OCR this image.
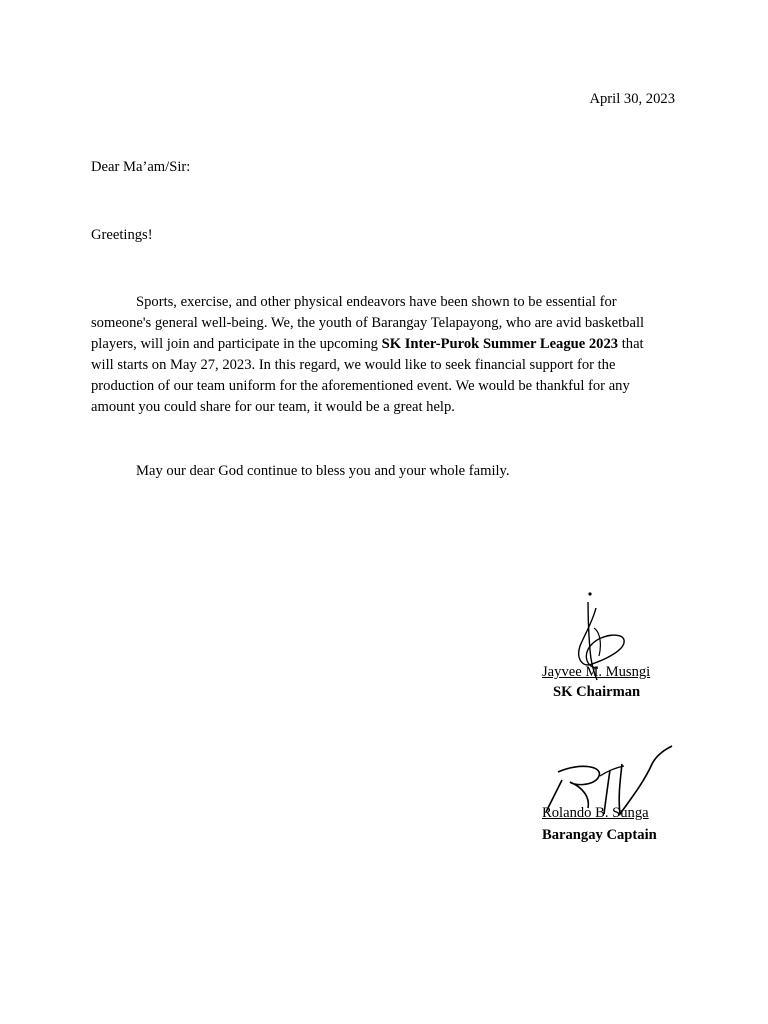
April 30, 2023
Dear Ma’am/Sir:
Greetings!
Sports, exercise, and other physical endeavors have been shown to be essential for
someone's general well-being. We, the youth of Barangay Telapayong, who are avid basketball
players, will join and participate in the upcoming SK Inter-Purok Summer League 2023 that
will starts on May 27, 2023. In this regard, we would like to seek financial support for the
production of our team uniform for the aforementioned event. We would be thankful for any
amount you could share for our team, it would be a great help.
May our dear God continue to bless you and your whole family.
Jayvee M. Musngi
SK Chairman
Rolando B. Sunga
Barangay Captain
